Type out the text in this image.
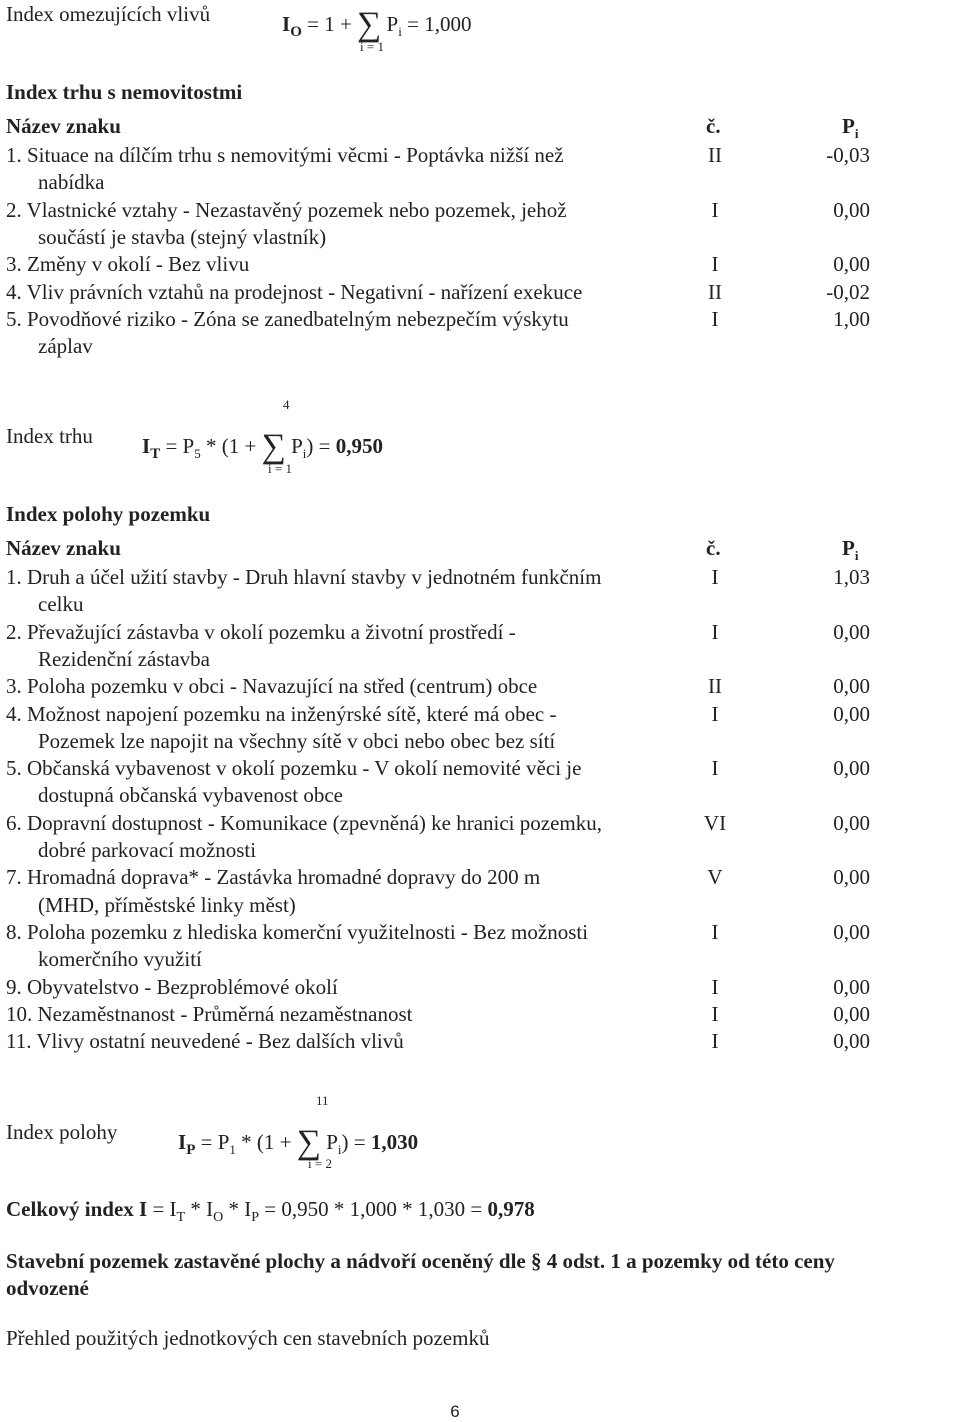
Index omezujících vlivů	$I_O = 1$ + ∑ $P_i = 1,000$
i = 1
Index trhu s nemovitostmi
Název znaku	č.	$P_i$
1. Situace na dílčím trhu s nemovitými věcmi - Poptávka nižší než	II	-0,03
nabídka
2. Vlastnické vztahy - Nezastavěný pozemek nebo pozemek, jehož	I	0,00
součástí je stavba (stejný vlastník)
3. Změny v okolí - Bez vlivu	I	0,00
4. Vliv právních vztahů na prodejnost - Negativní - nařízení exekuce	II	-0,02
5. Povodňové riziko - Zóna se zanedbatelným nebezpečím výskytu	I	1,00
záplav
4
Index trhu $I_T = P_5 * (1$ + ∑ $P_i) = 0,950$
i = 1
Index polohy pozemku
Název znaku	č.	$P_i$
1. Druh a účel užití stavby - Druh hlavní stavby v jednotném funkčním	I	1,03
celku
2. Převažující zástavba v okolí pozemku a životní prostředí -	I	0,00
Rezidenční zástavba
3. Poloha pozemku v obci - Navazující na střed (centrum) obce	II	0,00
4. Možnost napojení pozemku na inženýrské sítě, které má obec -	I	0,00
Pozemek lze napojit na všechny sítě v obci nebo obec bez sítí
5. Občanská vybavenost v okolí pozemku - V okolí nemovité věci je	I	0,00
dostupná občanská vybavenost obce
6. Dopravní dostupnost - Komunikace (zpevněná) ke hranici pozemku,	VI	0,00
dobré parkovací možnosti
7. Hromadná doprava* - Zastávka hromadné dopravy do 200 m	V	0,00
(MHD, příměstské linky měst)
8. Poloha pozemku z hlediska komerční využitelnosti - Bez možnosti	I	0,00
komerčního využití
9. Obyvatelstvo - Bezproblémové okolí	I	0,00
10. Nezaměstnanost - Průměrná nezaměstnanost	I	0,00
11. Vlivy ostatní neuvedené - Bez dalších vlivů	I	0,00
11
Index polohy	$I_P = P_1 * (1$ + ∑ $P_i) = 1,030$
i = 2
Celkový index $I = I_T * I_O * I_P = 0,950 * 1,000 * 1,030 = 0,978$
Stavební pozemek zastavěné plochy a nádvoří oceněný dle § 4 odst. 1 a pozemky od této ceny odvozené
Přehled použitých jednotkových cen stavebních pozemků
6
